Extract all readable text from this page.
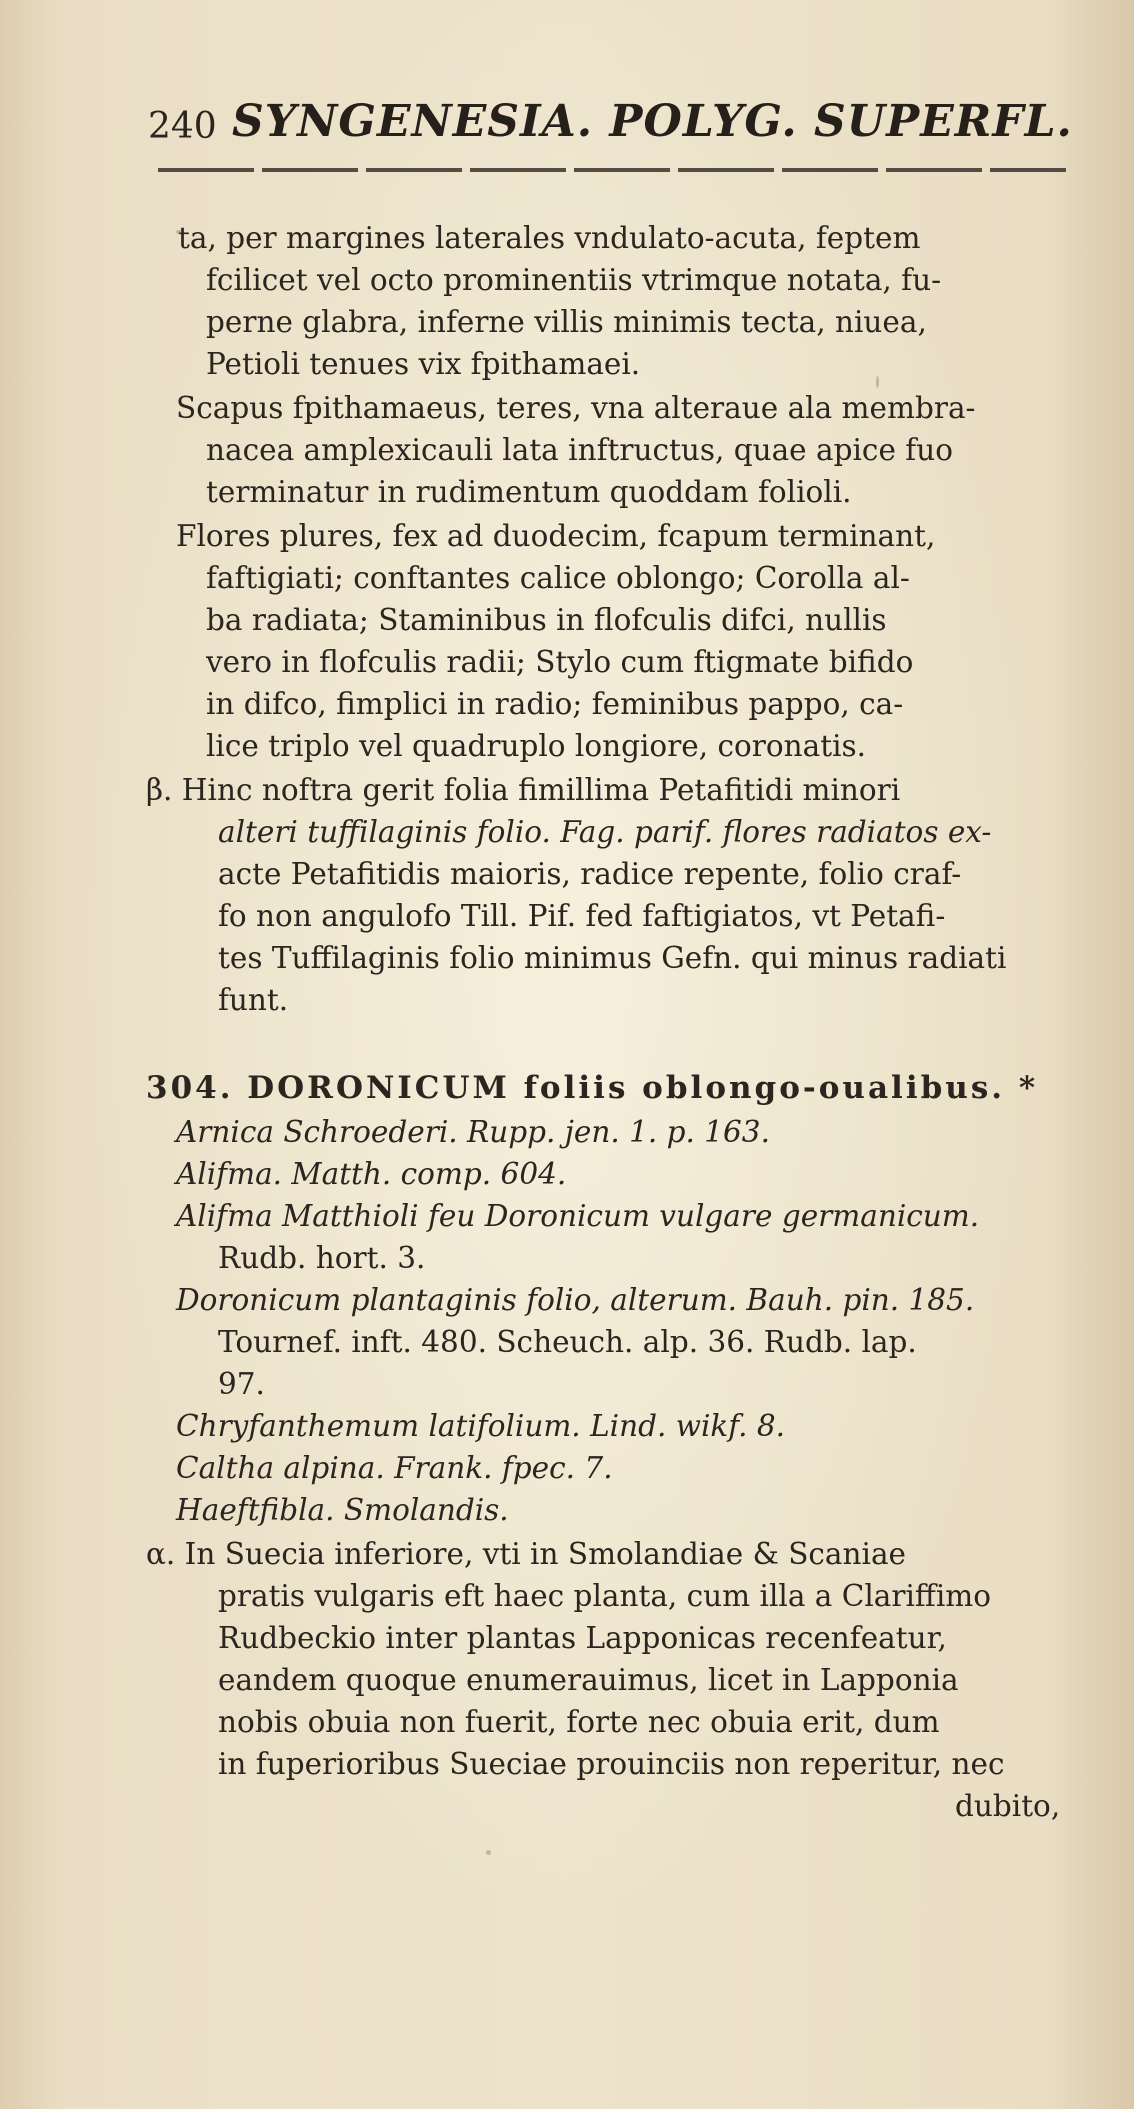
240 SYNGENESIA. POLYG. SUPERFL.
ta, per margines laterales vndulato-acuta, feptem
fcilicet vel octo prominentiis vtrimque notata, fu-
perne glabra, inferne villis minimis tecta, niuea,
Petioli tenues vix fpithamaei.
Scapus fpithamaeus, teres, vna alteraue ala membra-
nacea amplexicauli lata inftructus, quae apice fuo
terminatur in rudimentum quoddam folioli.
Flores plures, fex ad duodecim, fcapum terminant,
faftigiati; conftantes calice oblongo; Corolla al-
ba radiata; Staminibus in flofculis difci, nullis
vero in flofculis radii; Stylo cum ftigmate bifido
in difco, fimplici in radio; feminibus pappo, ca-
lice triplo vel quadruplo longiore, coronatis.
β. Hinc noftra gerit folia fimillima Petafitidi minori
alteri tuffilaginis folio. Fag. parif. flores radiatos ex-
acte Petafitidis maioris, radice repente, folio craf-
fo non angulofo Till. Pif. fed faftigiatos, vt Petafi-
tes Tuffilaginis folio minimus Gefn. qui minus radiati
funt.
304. DORONICUM foliis oblongo-oualibus. *
Arnica Schroederi. Rupp. jen. 1. p. 163.
Alifma. Matth. comp. 604.
Alifma Matthioli feu Doronicum vulgare germanicum.
Rudb. hort. 3.
Doronicum plantaginis folio, alterum. Bauh. pin. 185.
Tournef. inft. 480. Scheuch. alp. 36. Rudb. lap.
97.
Chryfanthemum latifolium. Lind. wikf. 8.
Caltha alpina. Frank. fpec. 7.
Haeftfibla. Smolandis.
α. In Suecia inferiore, vti in Smolandiae & Scaniae
pratis vulgaris eft haec planta, cum illa a Clariffimo
Rudbeckio inter plantas Lapponicas recenfeatur,
eandem quoque enumerauimus, licet in Lapponia
nobis obuia non fuerit, forte nec obuia erit, dum
in fuperioribus Sueciae prouinciis non reperitur, nec
dubito,
